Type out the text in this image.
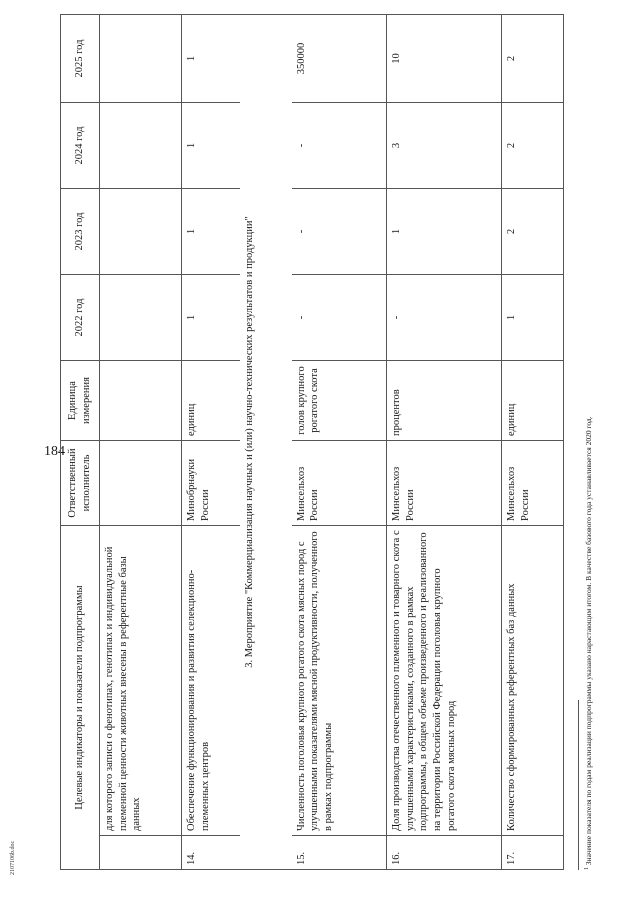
184
2107106b.doc
Целевые индикаторы и показатели подпрограммы		Ответственный исполнитель	Единица измерения	2022 год	2023 год	2024 год	2025 год
	для которого записи о фенотипах, генотипах и индивидуальной племенной ценности животных внесены в референтные базы данных						
14.	Обеспечение функционирования и развития селекционно-племенных центров	Минобрнауки России	единиц	1	1	1	1
3. Мероприятие "Коммерциализация научных и (или) научно-технических результатов и продукции"							
15.	Численность поголовья крупного рогатого скота мясных пород с улучшенными показателями мясной продуктивности, полученного в рамках подпрограммы	Минсельхоз России	голов крупного рогатого скота	-	-	-	350000
16.	Доля производства отечественного племенного и товарного скота с улучшенными характеристиками, созданного в рамках подпрограммы, в общем объеме произведенного и реализованного на территории Российской Федерации поголовья крупного рогатого скота мясных пород	Минсельхоз России	процентов	-	1	3	10
17.	Количество сформированных референтных баз данных	Минсельхоз России	единиц	1	2	2	2
$^1$ Значение показателя по годам реализации подпрограммы указано нарастающим итогом. В качестве базового года устанавливается 2020 год.
